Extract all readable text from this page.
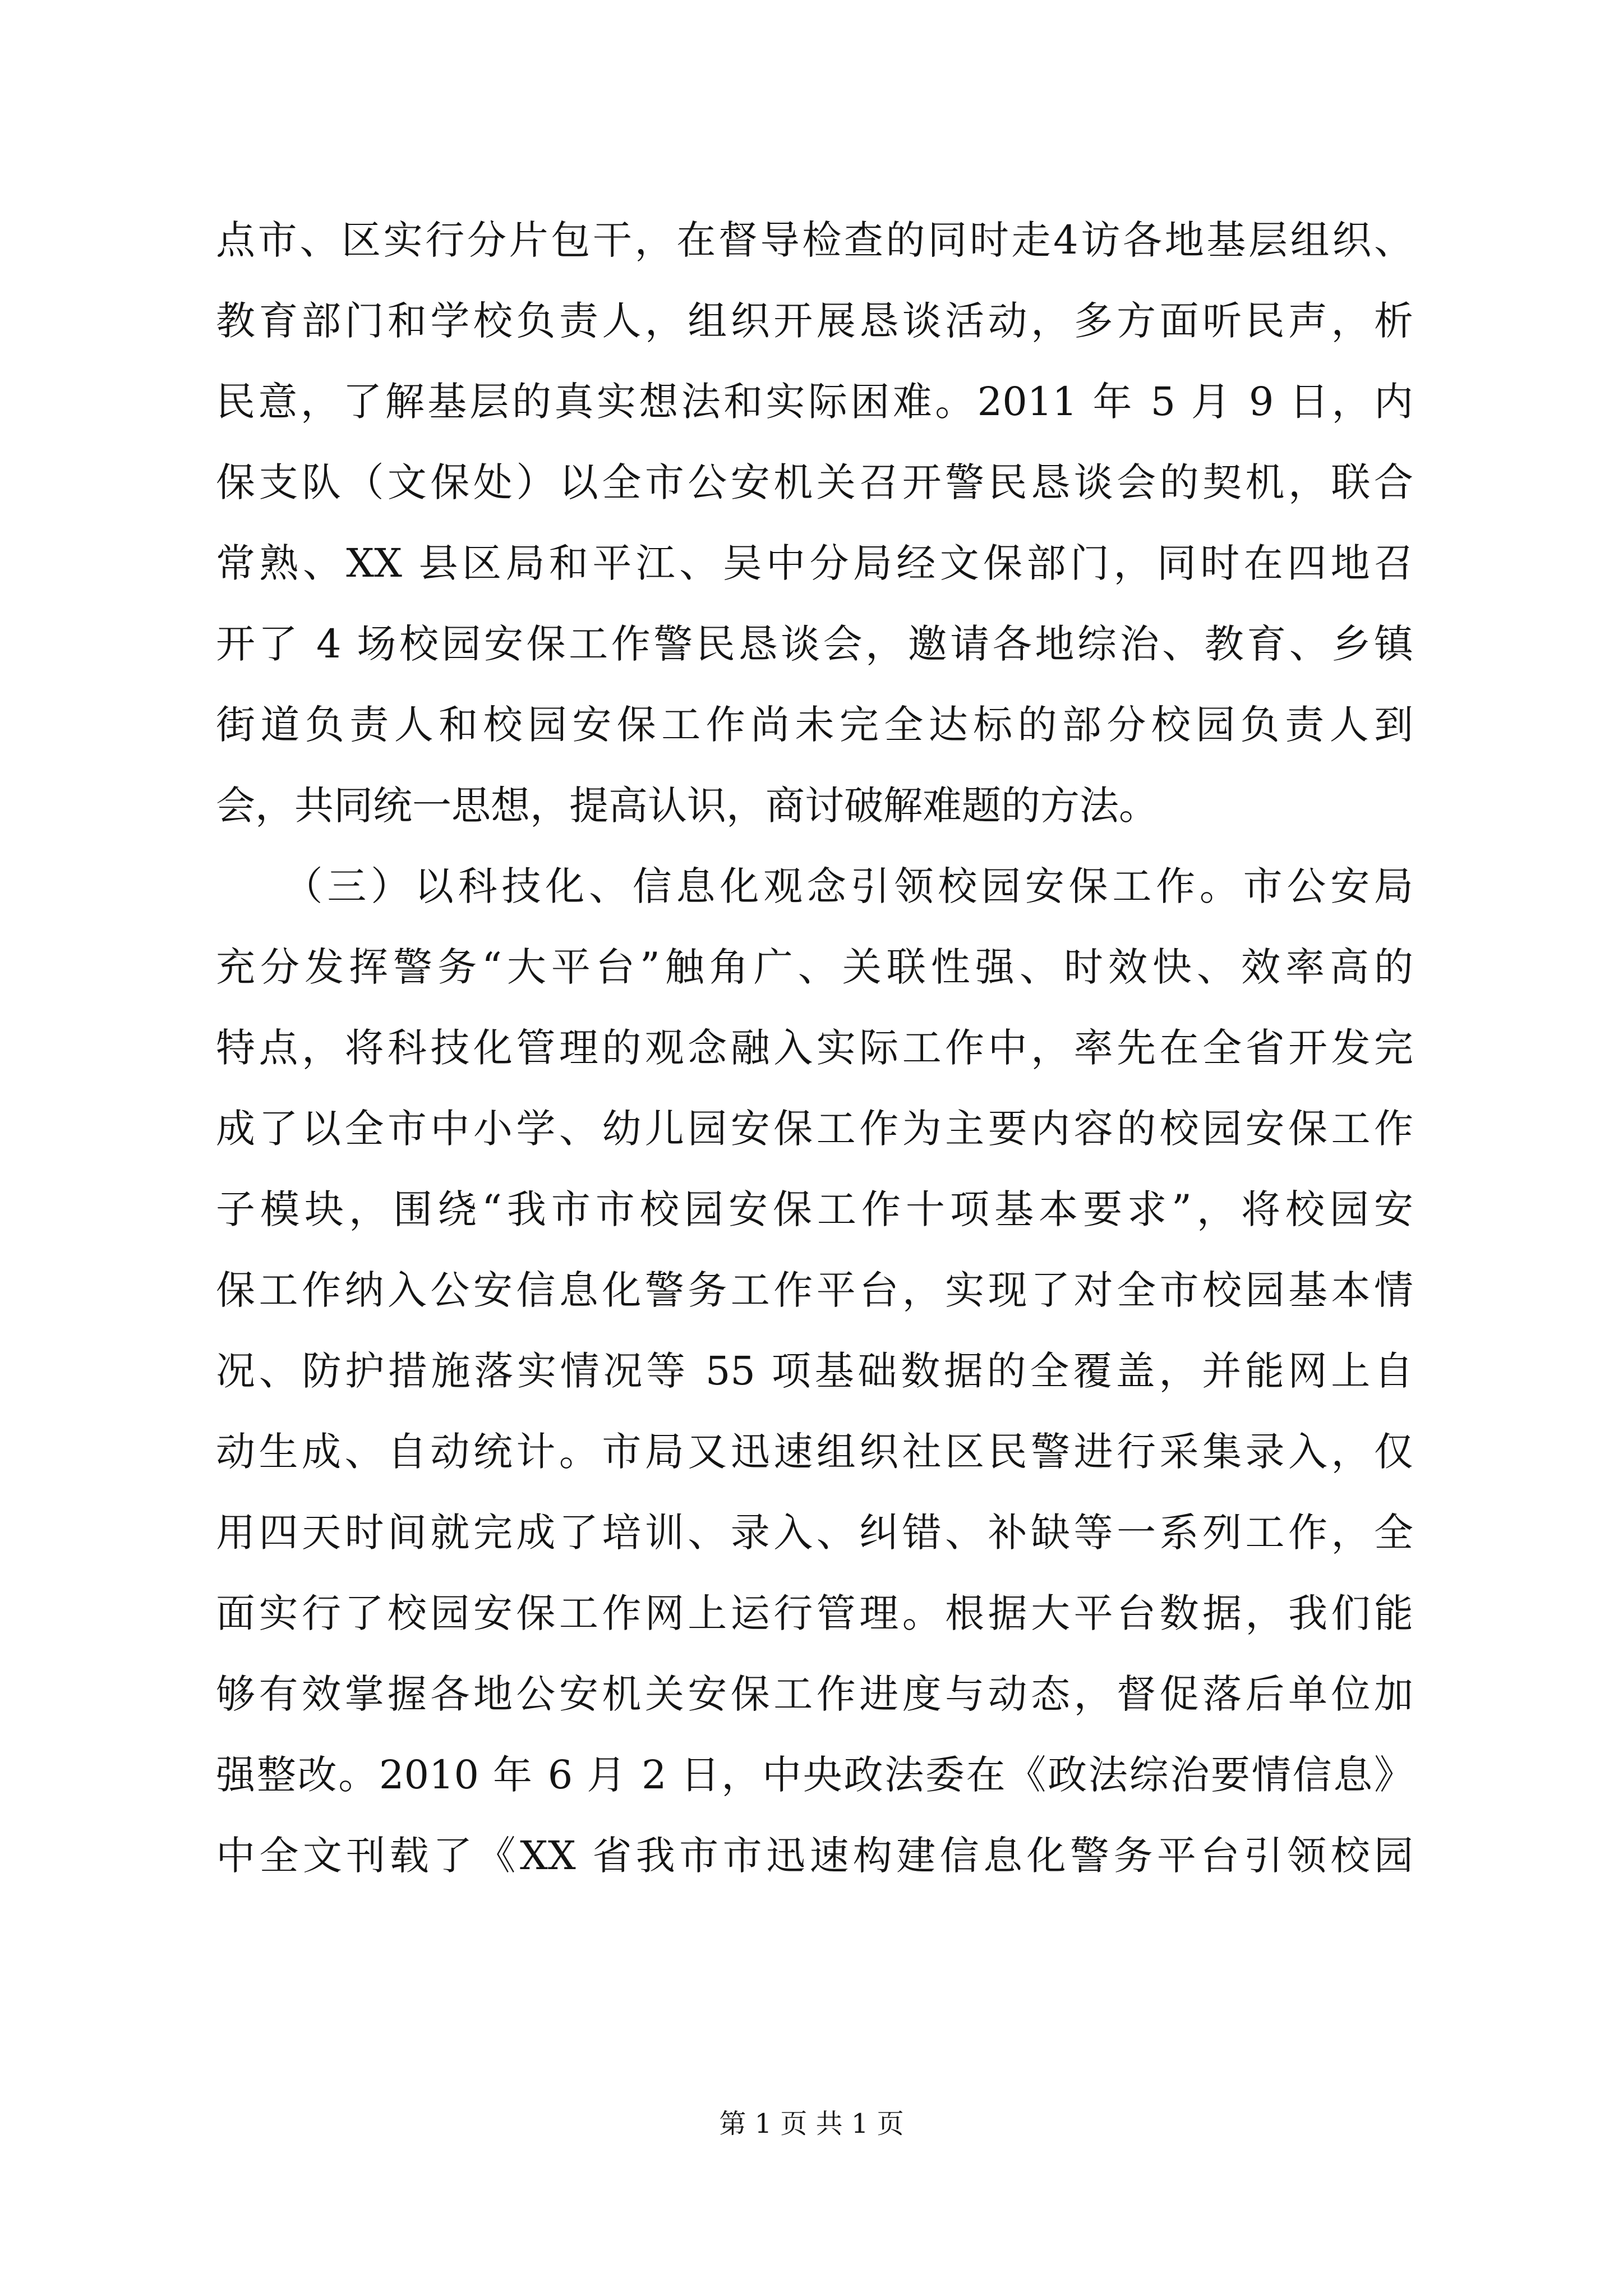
点市、区实行分片包干，在督导检查的同时走4访各地基层组织、
教育部门和学校负责人，组织开展恳谈活动，多方面听民声，析
民意，了解基层的真实想法和实际困难。2011 年 5 月 9 日，内
保支队（文保处）以全市公安机关召开警民恳谈会的契机，联合
常熟、XX 县区局和平江、吴中分局经文保部门，同时在四地召
开了 4 场校园安保工作警民恳谈会，邀请各地综治、教育、乡镇
街道负责人和校园安保工作尚未完全达标的部分校园负责人到
会，共同统一思想，提高认识，商讨破解难题的方法。
　　（三）以科技化、信息化观念引领校园安保工作。市公安局
充分发挥警务“大平台”触角广、关联性强、时效快、效率高的
特点，将科技化管理的观念融入实际工作中，率先在全省开发完
成了以全市中小学、幼儿园安保工作为主要内容的校园安保工作
子模块，围绕“我市市校园安保工作十项基本要求”，将校园安
保工作纳入公安信息化警务工作平台，实现了对全市校园基本情
况、防护措施落实情况等 55 项基础数据的全覆盖，并能网上自
动生成、自动统计。市局又迅速组织社区民警进行采集录入，仅
用四天时间就完成了培训、录入、纠错、补缺等一系列工作，全
面实行了校园安保工作网上运行管理。根据大平台数据，我们能
够有效掌握各地公安机关安保工作进度与动态，督促落后单位加
强整改。2010 年 6 月 2 日，中央政法委在《政法综治要情信息》
中全文刊载了《XX 省我市市迅速构建信息化警务平台引领校园
第 1 页 共 1 页
